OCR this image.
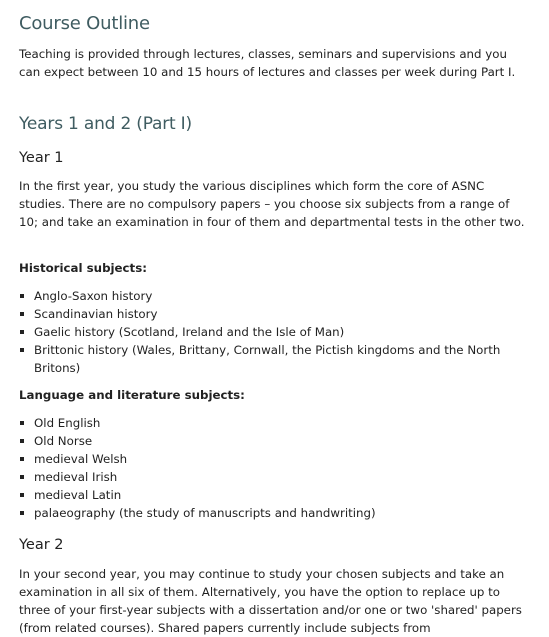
Course Outline

Teaching is provided through lectures, classes, seminars and supervisions and you can expect between 10 and 15 hours of lectures and classes per week during Part I.

Years 1 and 2 (Part I)
Year 1

In the first year, you study the various disciplines which form the core of ASNC studies. There are no compulsory papers – you choose six subjects from a range of 10; and take an examination in four of them and departmental tests in the other two.

Historical subjects:

Anglo-Saxon history
Scandinavian history
Gaelic history (Scotland, Ireland and the Isle of Man)
Brittonic history (Wales, Brittany, Cornwall, the Pictish kingdoms and the North Britons)

Language and literature subjects:

Old English
Old Norse
medieval Welsh
medieval Irish
medieval Latin
palaeography (the study of manuscripts and handwriting)
Year 2

In your second year, you may continue to study your chosen subjects and take an examination in all six of them. Alternatively, you have the option to replace up to three of your first-year subjects with a dissertation and/or one or two 'shared' papers (from related courses). Shared papers currently include subjects from
